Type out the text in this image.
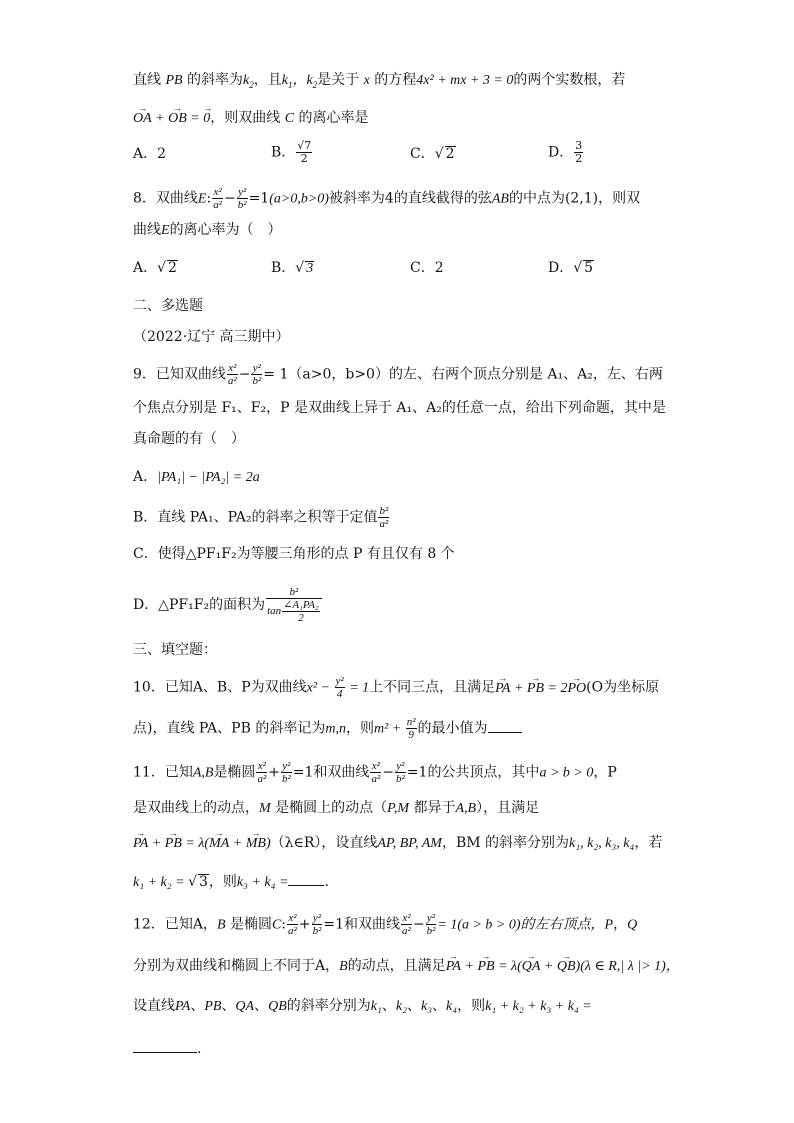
直线 PB 的斜率为$k_2$，且$k_1$，$k_2$是关于 x 的方程4x² + mx + 3 = 0的两个实数根，若
→ OA + → OB = → 0，则双曲线 C 的离心率是
A．2	B． $\frac{√7}{2}$	C．√ 2	D． $\frac{3}{2}$
8．双曲线E: $\frac{\text{x²}}{\text{a²}} - \frac{\text{y²}}{\text{b²}} =1(a>0,b>0)$被斜率为4的直线截得的弦AB的中点为(2,1)，则双
曲线E的离心率为（　）
A．√ 2	B．√ 3	C．2	D．√ 5
二、多选题
（2022·辽宁 高三期中）
9．已知双曲线 $\frac{\text{x²}}{\text{a²}} - \frac{\text{y²}}{\text{b²}} = 1(a>0$，b>0）的左、右两个顶点分别是 A₁、A₂，左、右两
个焦点分别是 F₁、F₂，P 是双曲线上异于 A₁、A₂的任意一点，给出下列命题，其中是
真命题的有（　）
A．|PA₁| − |PA₂| = 2a
B．直线 PA₁、PA₂的斜率之积等于定值 $\frac{\text{b²}}{\text{a²}}$
C．使得△PF₁F₂为等腰三角形的点 P 有且仅有 8 个
D．△PF₁F₂的面积为 $\frac{\text{b²}}{\tan \frac{\text{∠A₁PA₂}}{2}}$
三、填空题：
10．已知A、B、P为双曲线$x^2 - \frac{\text{y²}}{4} = 1$上不同三点，且满足→ PA + → PB = 2→ PO(O为坐标原
点)，直线 PA、PB 的斜率记为m,n，则$m^2 + \frac{\text{n²}}{9}$ 的最小值为
11．已知A,B是椭圆 $\frac{\text{x²}}{\text{a²}} + \frac{\text{y²}}{\text{b²}} =1$和双曲线 $\frac{\text{x²}}{\text{a²}} - \frac{\text{y²}}{\text{b²}} =1$的公共顶点，其中a > b > 0，P
是双曲线上的动点，M 是椭圆上的动点（P,M 都异于A,B），且满足
→ PA + → PB = λ(→ MA + → MB)（λ∈R），设直线AP, BP, AM，BM 的斜率分别为k₁, k₂, k₃, k₄，若
k₁ + k₂ = √ 3，则k₃ + k₄ =	.
12．已知A，B 是椭圆C: $\frac{\text{x²}}{\text{a²}} + \frac{\text{y²}}{\text{b²}} =1$和双曲线 $\frac{\text{x²}}{\text{a²}} - \frac{\text{y²}}{\text{b²}} = 1(a > b > 0)$的左右顶点，P，Q
分别为双曲线和椭圆上不同于A，B的动点，且满足→ PA + → PB = λ(→ QA + → QB)(λ ∈ R,| λ |> 1)，
设直线PA、PB、QA、QB的斜率分别为k₁、k₂、k₃、k₄，则k₁ + k₂ + k₃ + k₄ =
.
